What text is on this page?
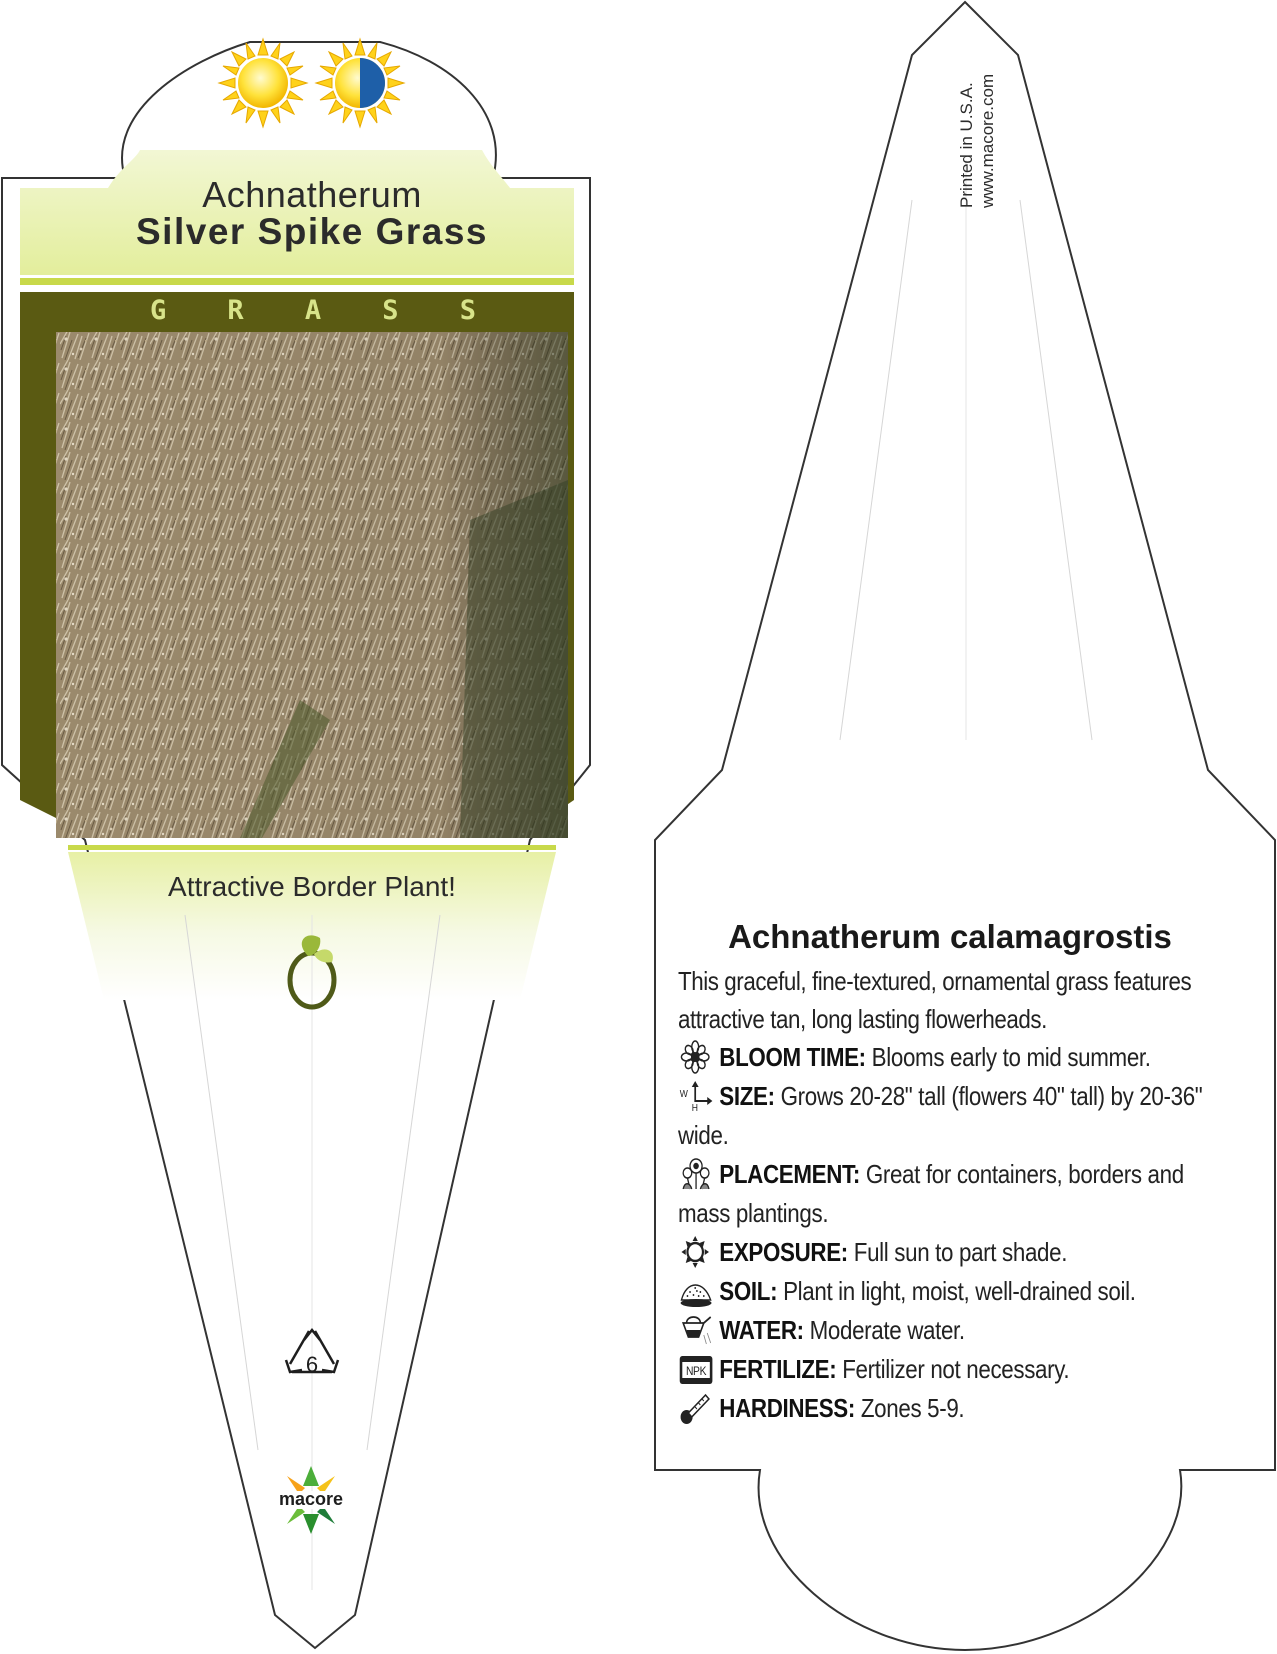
Achnatherum
Silver Spike Grass
G R A S S
Attractive Border Plant!
6
macore
Printed in U.S.A. www.macore.com
Achnatherum calamagrostis
This graceful, fine-textured, ornamental grass features attractive tan, long lasting flowerheads.
BLOOM TIME: Blooms early to mid summer.
W
H SIZE: Grows 20-28" tall (flowers 40" tall) by 20-36" wide.
PLACEMENT: Great for containers, borders and mass plantings.
EXPOSURE: Full sun to part shade.
SOIL: Plant in light, moist, well-drained soil.
WATER: Moderate water.
NPK FERTILIZE: Fertilizer not necessary.
HARDINESS: Zones 5-9.
